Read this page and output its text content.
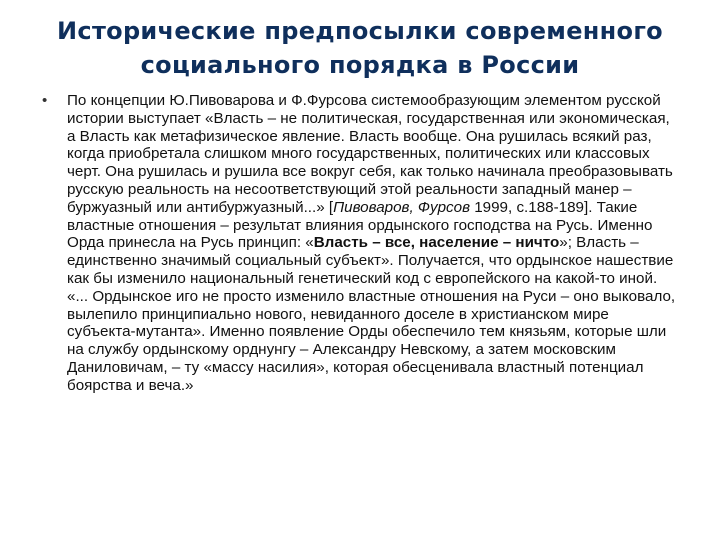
Исторические предпосылки современного социального порядка в России
• По концепции Ю.Пивоварова и Ф.Фурсова системообразующим элементом русской истории выступает «Власть – не политическая, государственная или экономическая, а Власть как метафизическое явление. Власть вообще. Она рушилась всякий раз, когда приобретала слишком много государственных, политических или классовых черт. Она рушилась и рушила все вокруг себя, как только начинала преобразовывать русскую реальность на несоответствующий этой реальности западный манер – буржуазный или антибуржуазный...» [Пивоваров, Фурсов 1999, с.188-189]. Такие властные отношения – результат влияния ордынского господства на Русь. Именно Орда принесла на Русь принцип: «Власть – все, население – ничто»; Власть – единственно значимый социальный субъект». Получается, что ордынское нашествие как бы изменило национальный генетический код с европейского на какой-то иной. «... Ордынское иго не просто изменило властные отношения на Руси – оно выковало, вылепило принципиально нового, невиданного доселе в христианском мире субъекта-мутанта». Именно появление Орды обеспечило тем князьям, которые шли на службу ордынскому орднунгу – Александру Невскому, а затем московским Даниловичам, – ту «массу насилия», которая обесценивала властный потенциал боярства и веча.»
